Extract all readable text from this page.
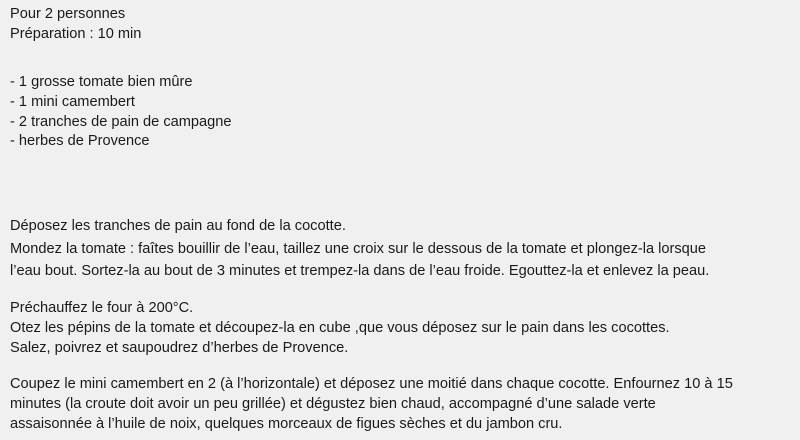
Pour 2 personnes
Préparation : 10 min
- 1 grosse tomate bien mûre
- 1 mini camembert
- 2 tranches de pain de campagne
- herbes de Provence
Déposez les tranches de pain au fond de la cocotte.
Mondez la tomate : faîtes bouillir de l’eau, taillez une croix sur le dessous de la tomate et plongez-la lorsque
l’eau bout. Sortez-la au bout de 3 minutes et trempez-la dans de l’eau froide. Egouttez-la et enlevez la peau.
Préchauffez le four à 200°C.
Otez les pépins de la tomate et découpez-la en cube ,que vous déposez sur le pain dans les cocottes.
Salez, poivrez et saupoudrez d’herbes de Provence.
Coupez le mini camembert en 2 (à l’horizontale) et déposez une moitié dans chaque cocotte. Enfournez 10 à 15
minutes (la croute doit avoir un peu grillée) et dégustez bien chaud, accompagné d’une salade verte
assaisonnée à l’huile de noix, quelques morceaux de figues sèches et du jambon cru.
